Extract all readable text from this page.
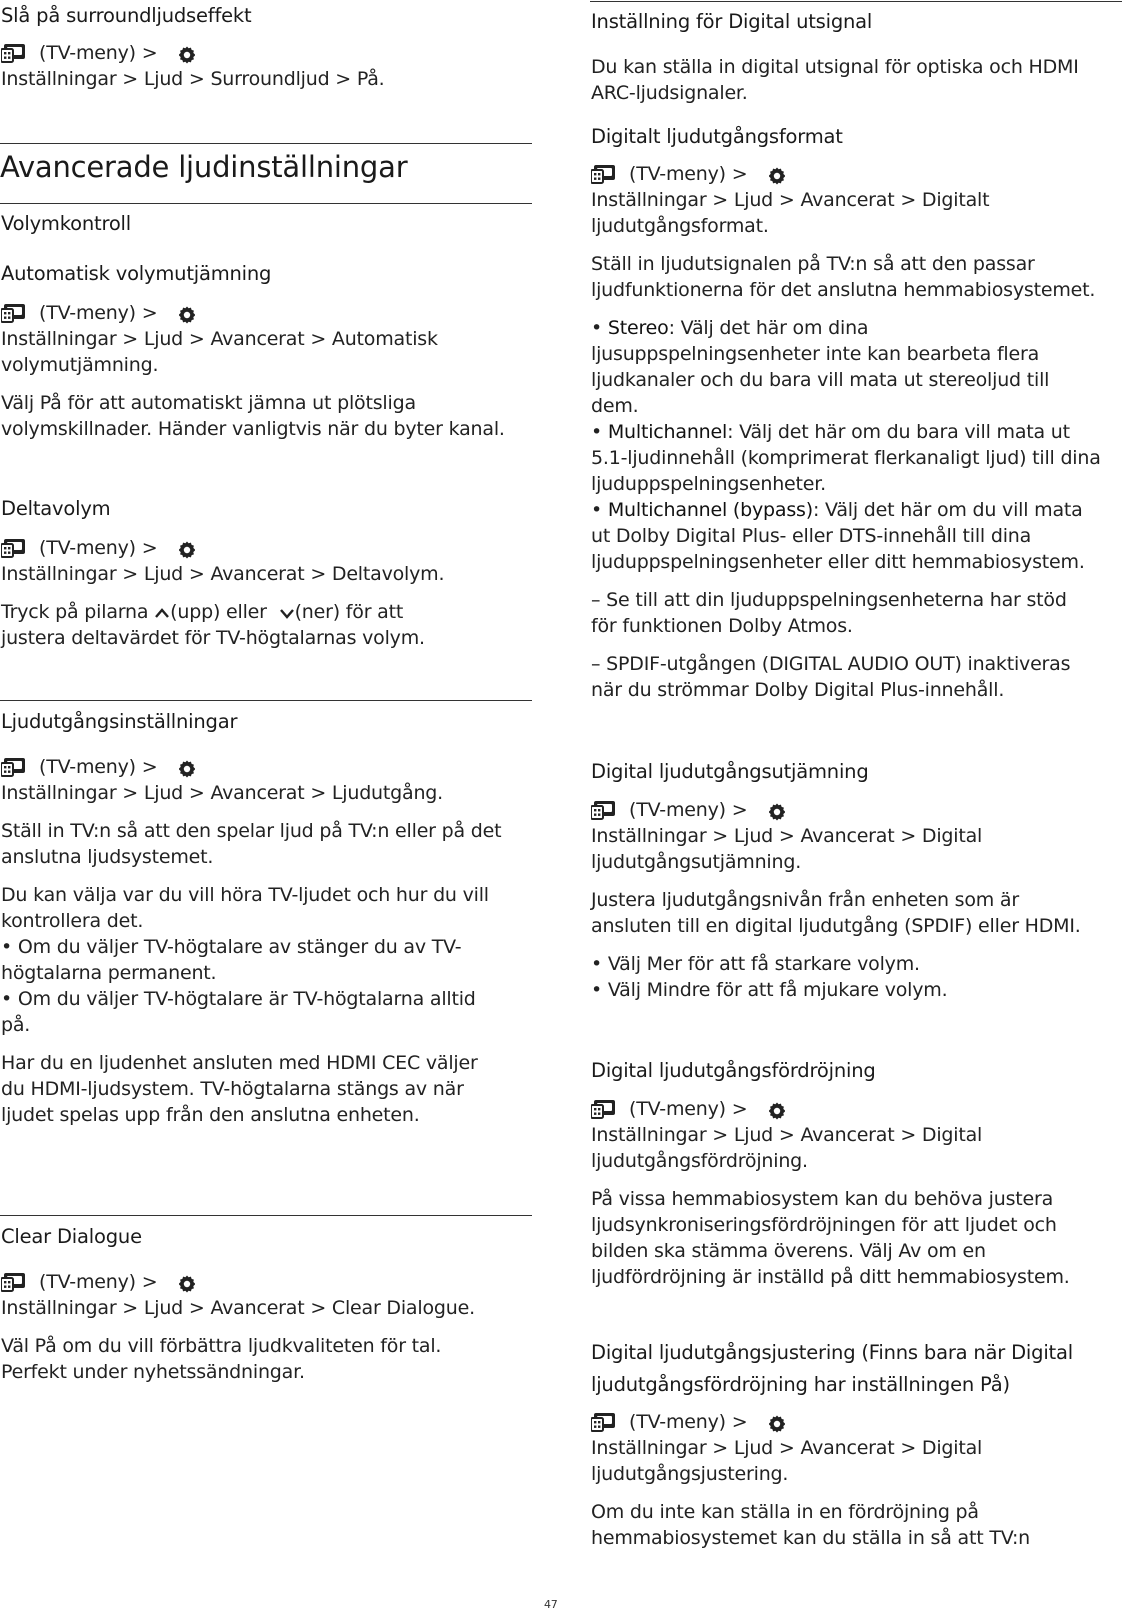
Slå på surroundljudseffekt

(TV-meny) >

Inställningar > Ljud > Surroundljud > På.

Avancerade ljudinställningar

Volymkontroll

Automatisk volymutjämning

(TV-meny) >

Inställningar > Ljud > Avancerat > Automatisk

volymutjämning.

Välj På för att automatiskt jämna ut plötsliga

volymskillnader. Händer vanligtvis när du byter kanal.

Deltavolym

(TV-meny) >

Inställningar > Ljud > Avancerat > Deltavolym.

Tryck på pilarna (upp) eller (ner) för att

justera deltavärdet för TV-högtalarnas volym.

Ljudutgångsinställningar

(TV-meny) >

Inställningar > Ljud > Avancerat > Ljudutgång.

Ställ in TV:n så att den spelar ljud på TV:n eller på det

anslutna ljudsystemet.

Du kan välja var du vill höra TV-ljudet och hur du vill

kontrollera det.

• Om du väljer TV-högtalare av stänger du av TV-

högtalarna permanent.

• Om du väljer TV-högtalare är TV-högtalarna alltid

på.

Har du en ljudenhet ansluten med HDMI CEC väljer

du HDMI-ljudsystem. TV-högtalarna stängs av när

ljudet spelas upp från den anslutna enheten.

Clear Dialogue

(TV-meny) >

Inställningar > Ljud > Avancerat > Clear Dialogue.

Väl På om du vill förbättra ljudkvaliteten för tal.

Perfekt under nyhetssändningar.

Inställning för Digital utsignal

Du kan ställa in digital utsignal för optiska och HDMI

ARC-ljudsignaler.

Digitalt ljudutgångsformat

(TV-meny) >

Inställningar > Ljud > Avancerat > Digitalt

ljudutgångsformat.

Ställ in ljudutsignalen på TV:n så att den passar

ljudfunktionerna för det anslutna hemmabiosystemet.

• Stereo: Välj det här om dina

ljusuppspelningsenheter inte kan bearbeta flera

ljudkanaler och du bara vill mata ut stereoljud till

dem.

• Multichannel: Välj det här om du bara vill mata ut

5.1-ljudinnehåll (komprimerat flerkanaligt ljud) till dina

ljuduppspelningsenheter.

• Multichannel (bypass): Välj det här om du vill mata

ut Dolby Digital Plus- eller DTS-innehåll till dina

ljuduppspelningsenheter eller ditt hemmabiosystem.

– Se till att din ljuduppspelningsenheterna har stöd

för funktionen Dolby Atmos.

– SPDIF-utgången (DIGITAL AUDIO OUT) inaktiveras

när du strömmar Dolby Digital Plus-innehåll.

Digital ljudutgångsutjämning

(TV-meny) >

Inställningar > Ljud > Avancerat > Digital

ljudutgångsutjämning.

Justera ljudutgångsnivån från enheten som är

ansluten till en digital ljudutgång (SPDIF) eller HDMI.

• Välj Mer för att få starkare volym.

• Välj Mindre för att få mjukare volym.

Digital ljudutgångsfördröjning

(TV-meny) >

Inställningar > Ljud > Avancerat > Digital

ljudutgångsfördröjning.

På vissa hemmabiosystem kan du behöva justera

ljudsynkroniseringsfördröjningen för att ljudet och

bilden ska stämma överens. Välj Av om en

ljudfördröjning är inställd på ditt hemmabiosystem.

Digital ljudutgångsjustering (Finns bara när Digital

ljudutgångsfördröjning har inställningen På)

(TV-meny) >

Inställningar > Ljud > Avancerat > Digital

ljudutgångsjustering.

Om du inte kan ställa in en fördröjning på

hemmabiosystemet kan du ställa in så att TV:n

47
